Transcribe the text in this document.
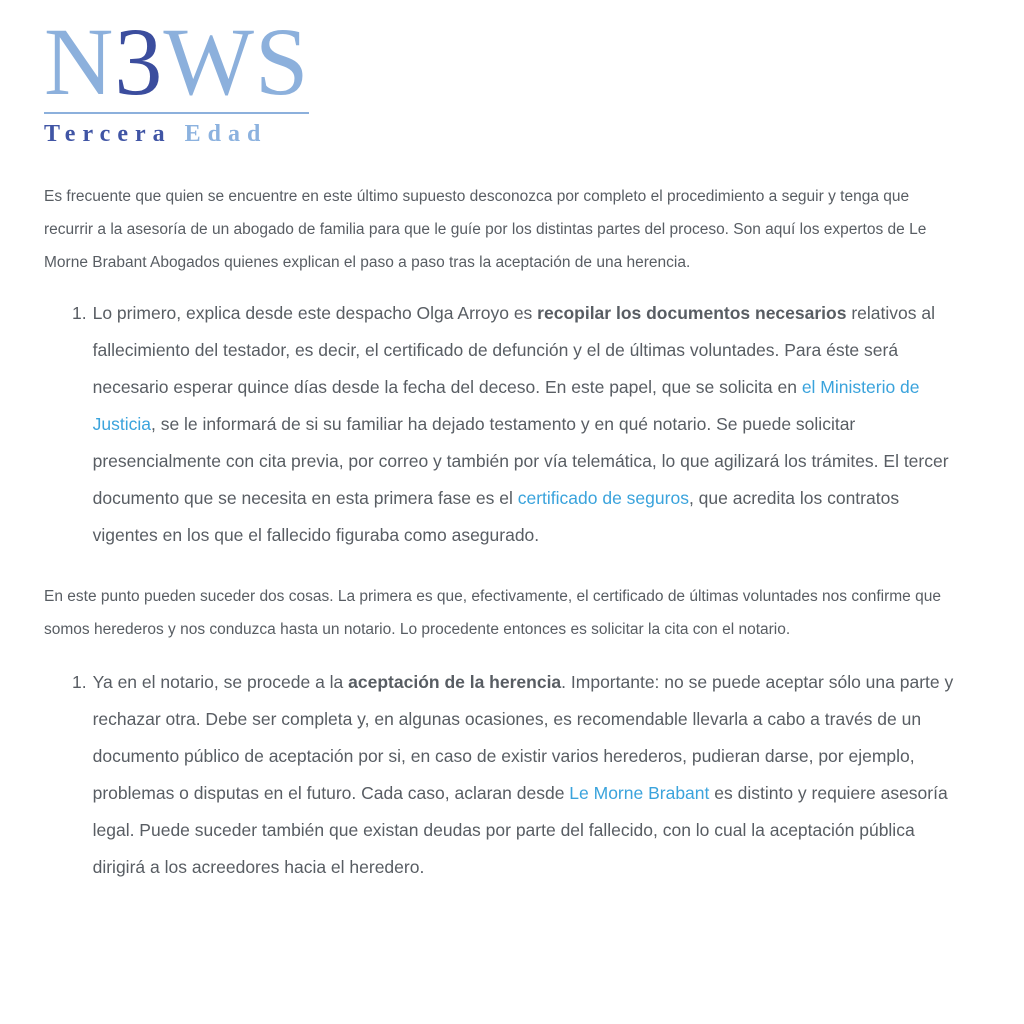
N3WS
Tercera Edad

Es frecuente que quien se encuentre en este último supuesto desconozca por completo el procedimiento a seguir y tenga que recurrir a la asesoría de un abogado de familia para que le guíe por los distintas partes del proceso. Son aquí los expertos de Le Morne Brabant Abogados quienes explican el paso a paso tras la aceptación de una herencia.

1. Lo primero, explica desde este despacho Olga Arroyo es recopilar los documentos necesarios relativos al fallecimiento del testador, es decir, el certificado de defunción y el de últimas voluntades. Para éste será necesario esperar quince días desde la fecha del deceso. En este papel, que se solicita en el Ministerio de Justicia, se le informará de si su familiar ha dejado testamento y en qué notario. Se puede solicitar presencialmente con cita previa, por correo y también por vía telemática, lo que agilizará los trámites. El tercer documento que se necesita en esta primera fase es el certificado de seguros, que acredita los contratos vigentes en los que el fallecido figuraba como asegurado.

En este punto pueden suceder dos cosas. La primera es que, efectivamente, el certificado de últimas voluntades nos confirme que somos herederos y nos conduzca hasta un notario. Lo procedente entonces es solicitar la cita con el notario.

1. Ya en el notario, se procede a la aceptación de la herencia. Importante: no se puede aceptar sólo una parte y rechazar otra. Debe ser completa y, en algunas ocasiones, es recomendable llevarla a cabo a través de un documento público de aceptación por si, en caso de existir varios herederos, pudieran darse, por ejemplo, problemas o disputas en el futuro. Cada caso, aclaran desde Le Morne Brabant es distinto y requiere asesoría legal. Puede suceder también que existan deudas por parte del fallecido, con lo cual la aceptación pública dirigirá a los acreedores hacia el heredero.
